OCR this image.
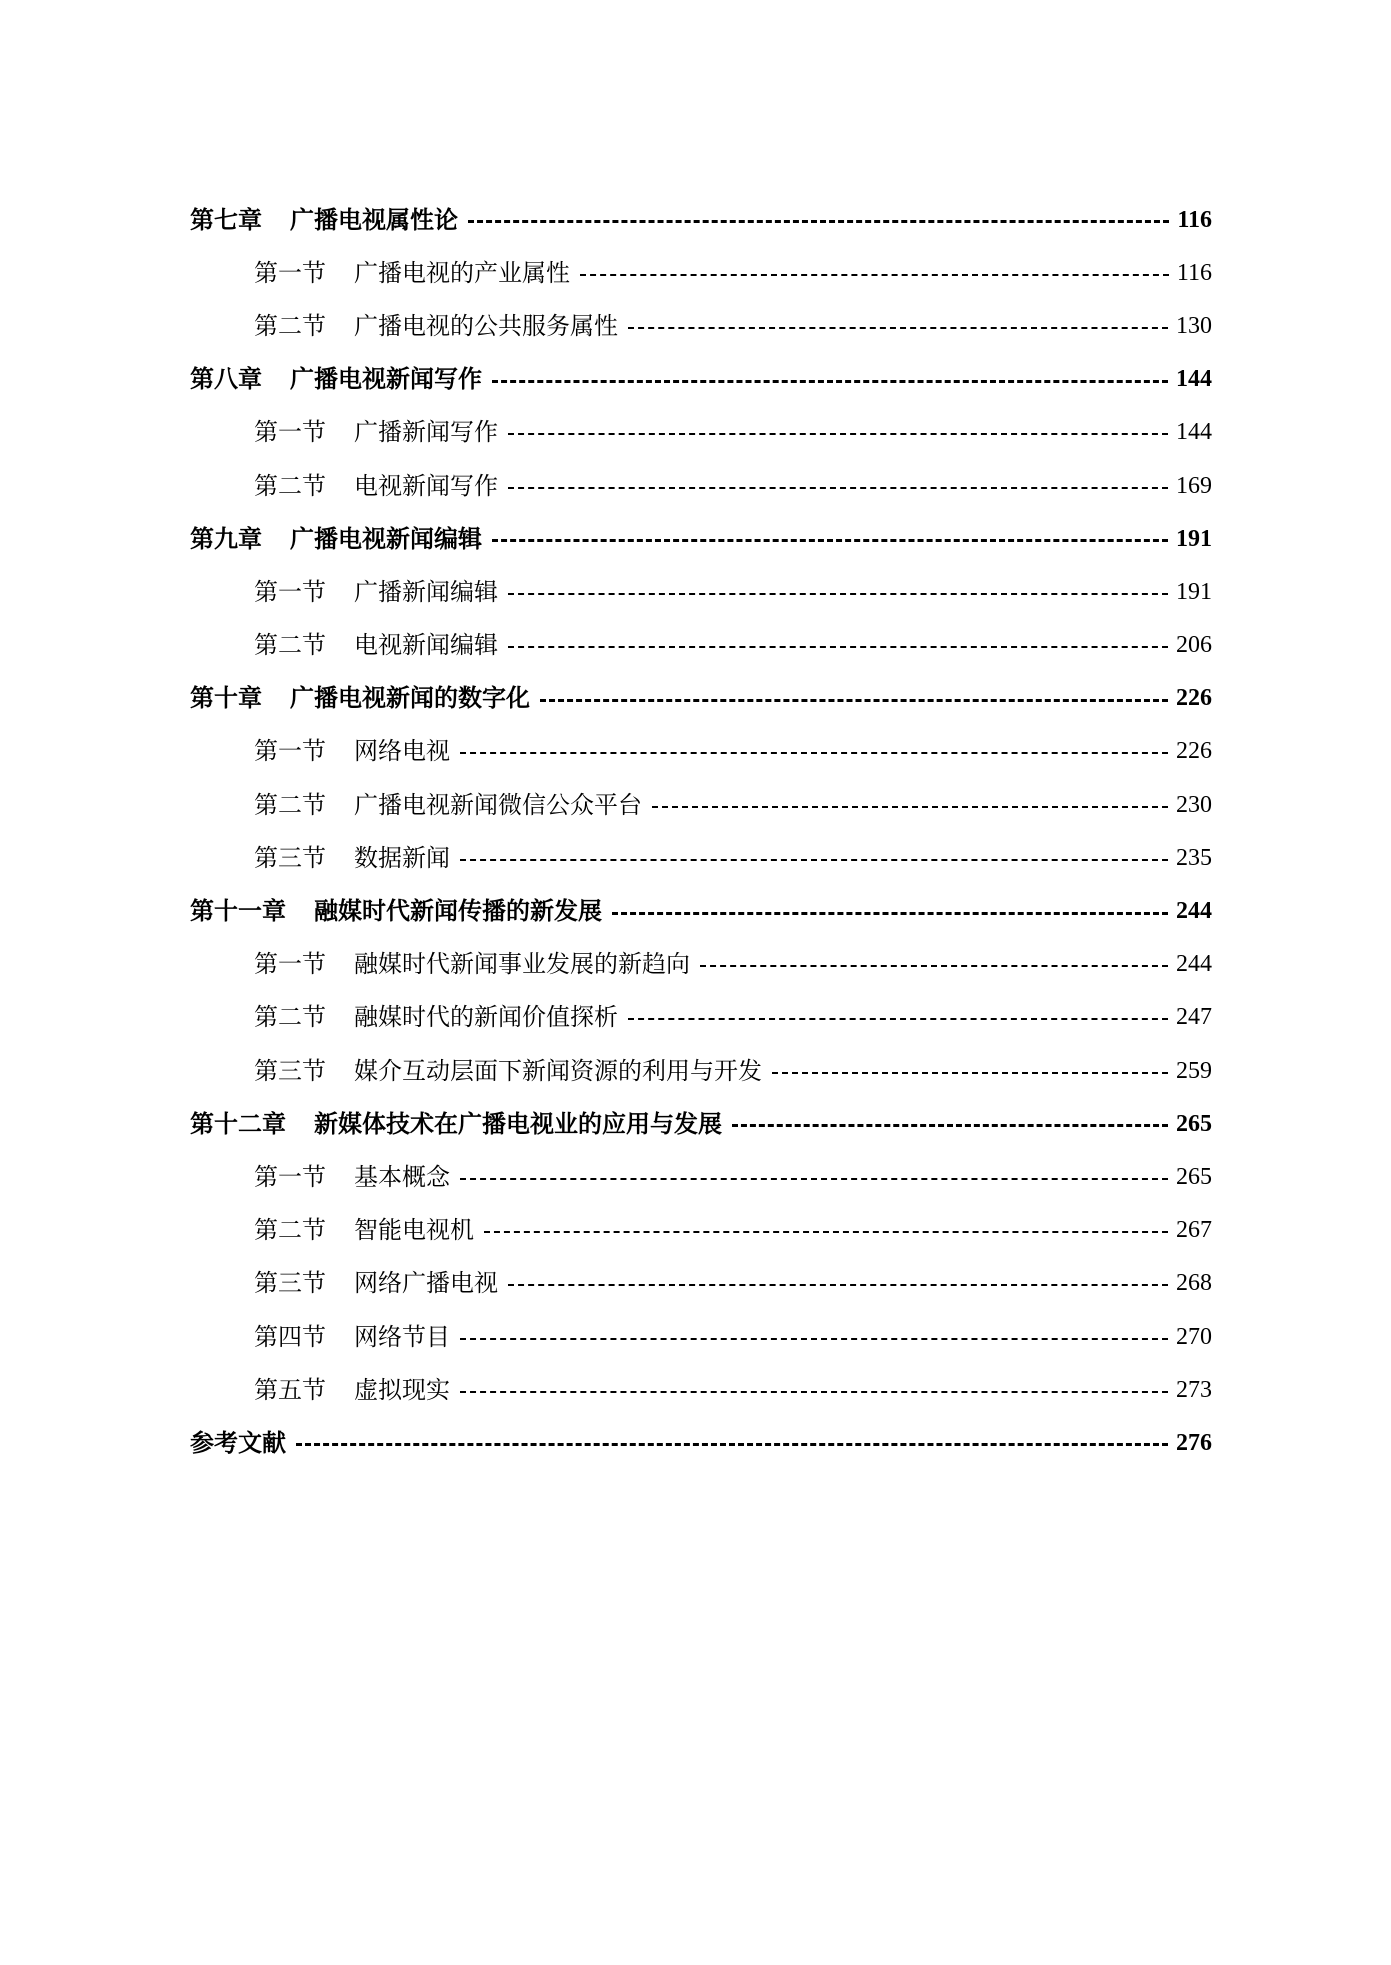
第七章 广播电视属性论	116
第一节 广播电视的产业属性	116
第二节 广播电视的公共服务属性	130
第八章 广播电视新闻写作	144
第一节 广播新闻写作	144
第二节 电视新闻写作	169
第九章 广播电视新闻编辑	191
第一节 广播新闻编辑	191
第二节 电视新闻编辑	206
第十章 广播电视新闻的数字化	226
第一节 网络电视	226
第二节 广播电视新闻微信公众平台	230
第三节 数据新闻	235
第十一章 融媒时代新闻传播的新发展	244
第一节 融媒时代新闻事业发展的新趋向	244
第二节 融媒时代的新闻价值探析	247
第三节 媒介互动层面下新闻资源的利用与开发	259
第十二章 新媒体技术在广播电视业的应用与发展	265
第一节 基本概念	265
第二节 智能电视机	267
第三节 网络广播电视	268
第四节 网络节目	270
第五节 虚拟现实	273
参考文献	276
